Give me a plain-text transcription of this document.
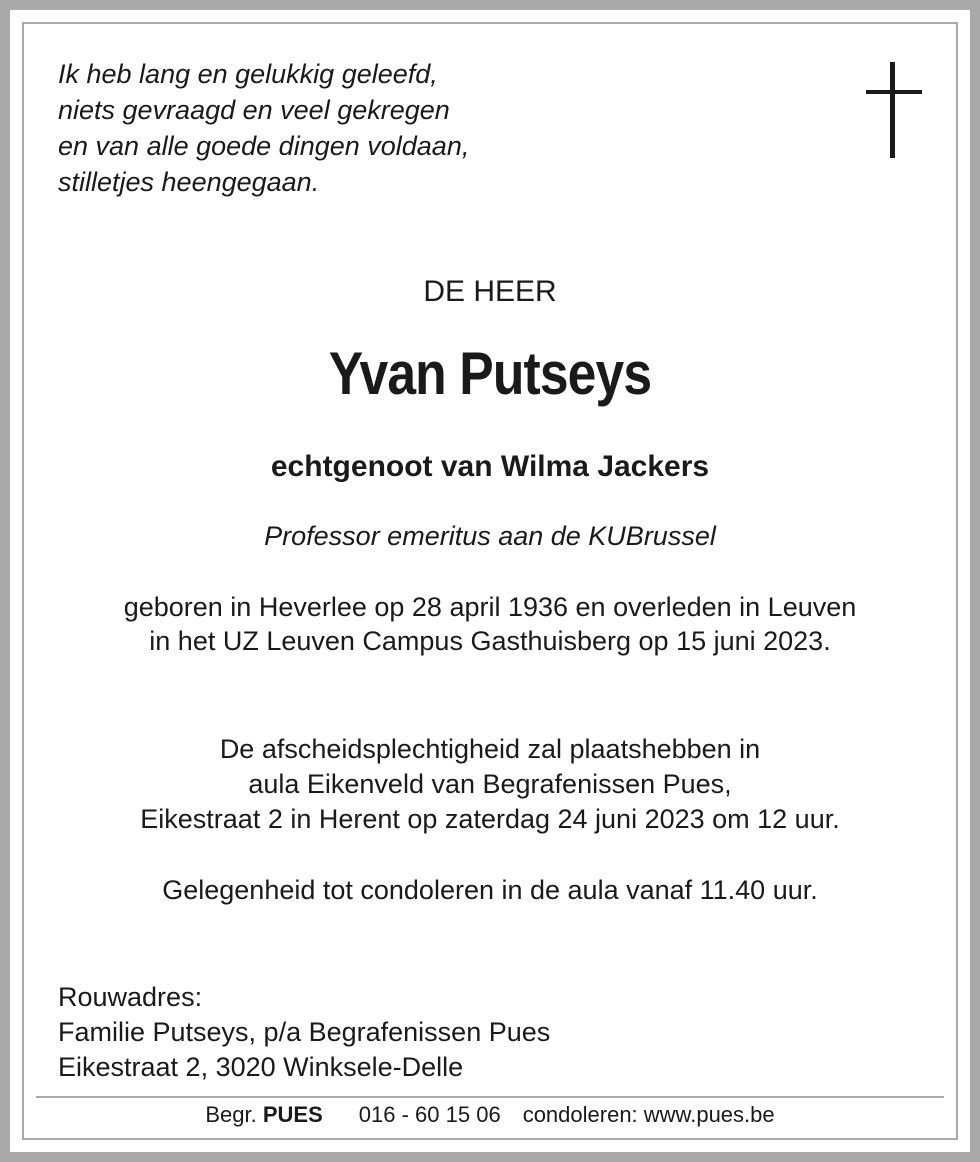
Ik heb lang en gelukkig geleefd,
niets gevraagd en veel gekregen
en van alle goede dingen voldaan,
stilletjes heengegaan.
DE HEER
Yvan Putseys
echtgenoot van Wilma Jackers
Professor emeritus aan de KUBrussel
geboren in Heverlee op 28 april 1936 en overleden in Leuven
in het UZ Leuven Campus Gasthuisberg op 15 juni 2023.
De afscheidsplechtigheid zal plaatshebben in
aula Eikenveld van Begrafenissen Pues,
Eikestraat 2 in Herent op zaterdag 24 juni 2023 om 12 uur.
Gelegenheid tot condoleren in de aula vanaf 11.40 uur.
Rouwadres:
Familie Putseys, p/a Begrafenissen Pues
Eikestraat 2, 3020 Winksele-Delle
Begr. PUES 016 - 60 15 06 condoleren: www.pues.be
